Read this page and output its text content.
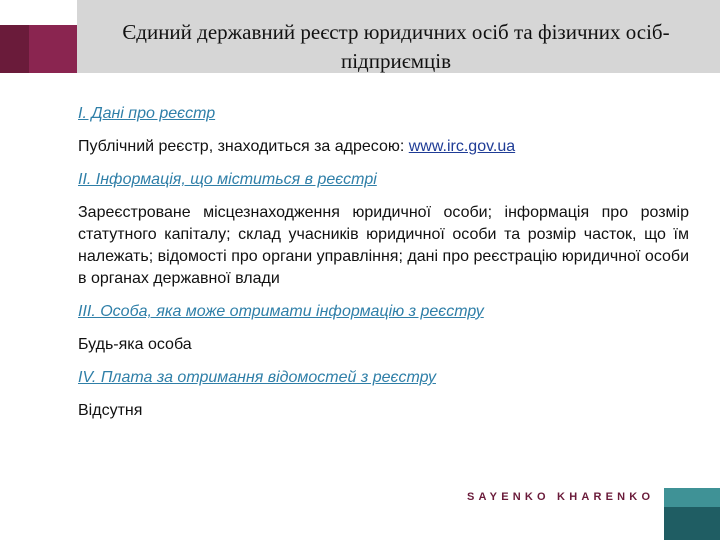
Єдиний державний реєстр юридичних осіб та фізичних осіб-підприємців
I. Дані про реєстр

Публічний реєстр, знаходиться за адресою: www.irc.gov.ua

II. Інформація, що міститься в реєстрі

Зареєстроване місцезнаходження юридичної особи; інформація про розмір статутного капіталу; склад учасників юридичної особи та розмір часток, що їм належать; відомості про органи управління; дані про реєстрацію юридичної особи в органах державної влади

III. Особа, яка може отримати інформацію з реєстру

Будь-яка особа

IV. Плата за отримання відомостей з реєстру

Відсутня

SAYENKO KHARENKO
